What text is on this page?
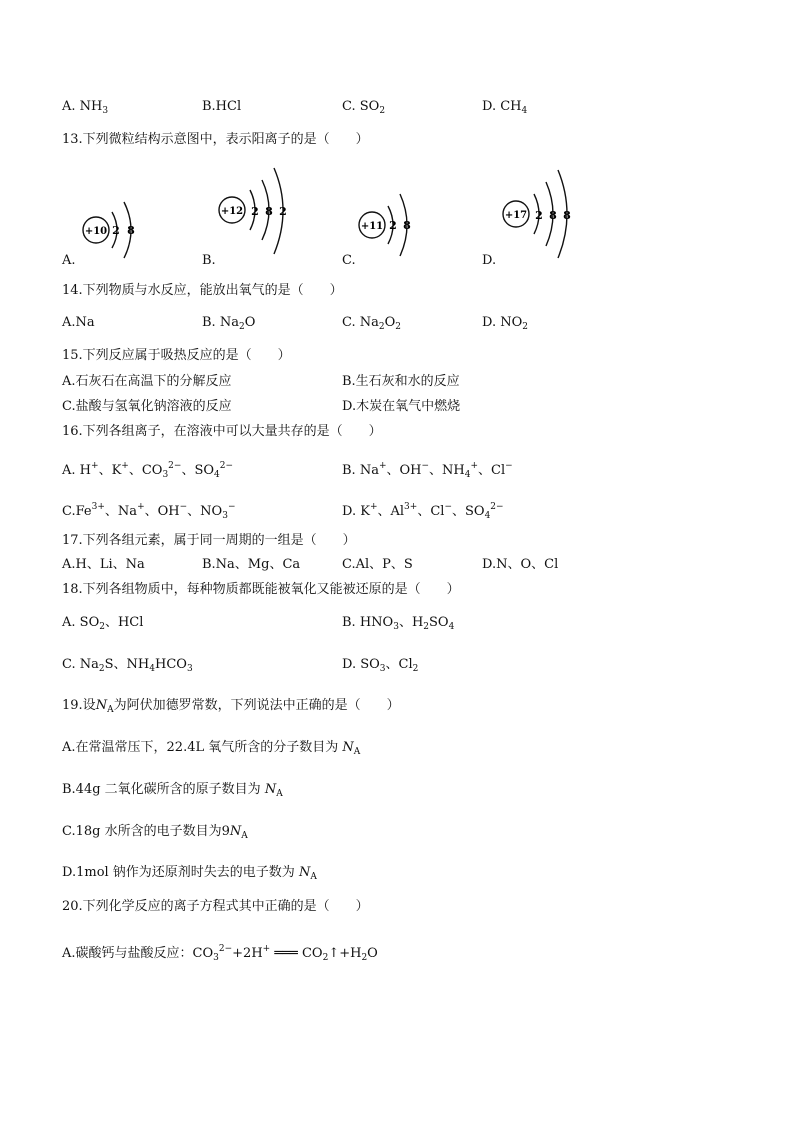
A. $NH_3$	B.HCl	C. $SO_2$	D. $CH_4$
13.下列微粒结构示意图中，表示阳离子的是（　　）
+10 2 8
A.
+12 2 8 2
B.
+11 2 8
C.
+17 2 8 8
D.
14.下列物质与水反应，能放出氧气的是（　　）
A.Na	B. $Na_2O$	C. $Na_2O_2$	D. $NO_2$
15.下列反应属于吸热反应的是（　　）
A.石灰石在高温下的分解反应	B.生石灰和水的反应
C.盐酸与氢氧化钠溶液的反应	D.木炭在氧气中燃烧
16.下列各组离子，在溶液中可以大量共存的是（　　）
A. H+、K+、$CO_3^{2-}$、$SO_4^{2-}$	B. Na+、OH−、$NH_4^+$、Cl−
$C.Fe^{3+}$、Na+、OH−、$NO_3^-$	D. K+、$Al^{3+}$、Cl−、$SO_4^{2-}$
17.下列各组元素，属于同一周期的一组是（　　）
A.H、Li、Na	B.Na、Mg、Ca	C.Al、P、S	D.N、O、Cl
18.下列各组物质中，每种物质都既能被氧化又能被还原的是（　　）
A. $SO_2$、HCl	B. $HNO_3$、$H_2SO_4$
C. $Na_2S$、$NH_4HCO_3$	D. $SO_3$、$Cl_2$
19.设$N_A$为阿伏加德罗常数，下列说法中正确的是（　　）
A.在常温常压下，22.4L 氧气所含的分子数目为 $N_A$
B.44g 二氧化碳所含的原子数目为 $N_A$
C.18g 水所含的电子数目为$9N_A$
D.1mol 钠作为还原剂时失去的电子数为 $N_A$
20.下列化学反应的离子方程式其中正确的是（　　）
A.碳酸钙与盐酸反应：$CO_3^{2-}+2H^+$ ═══ $CO_2↑+H_2O$
